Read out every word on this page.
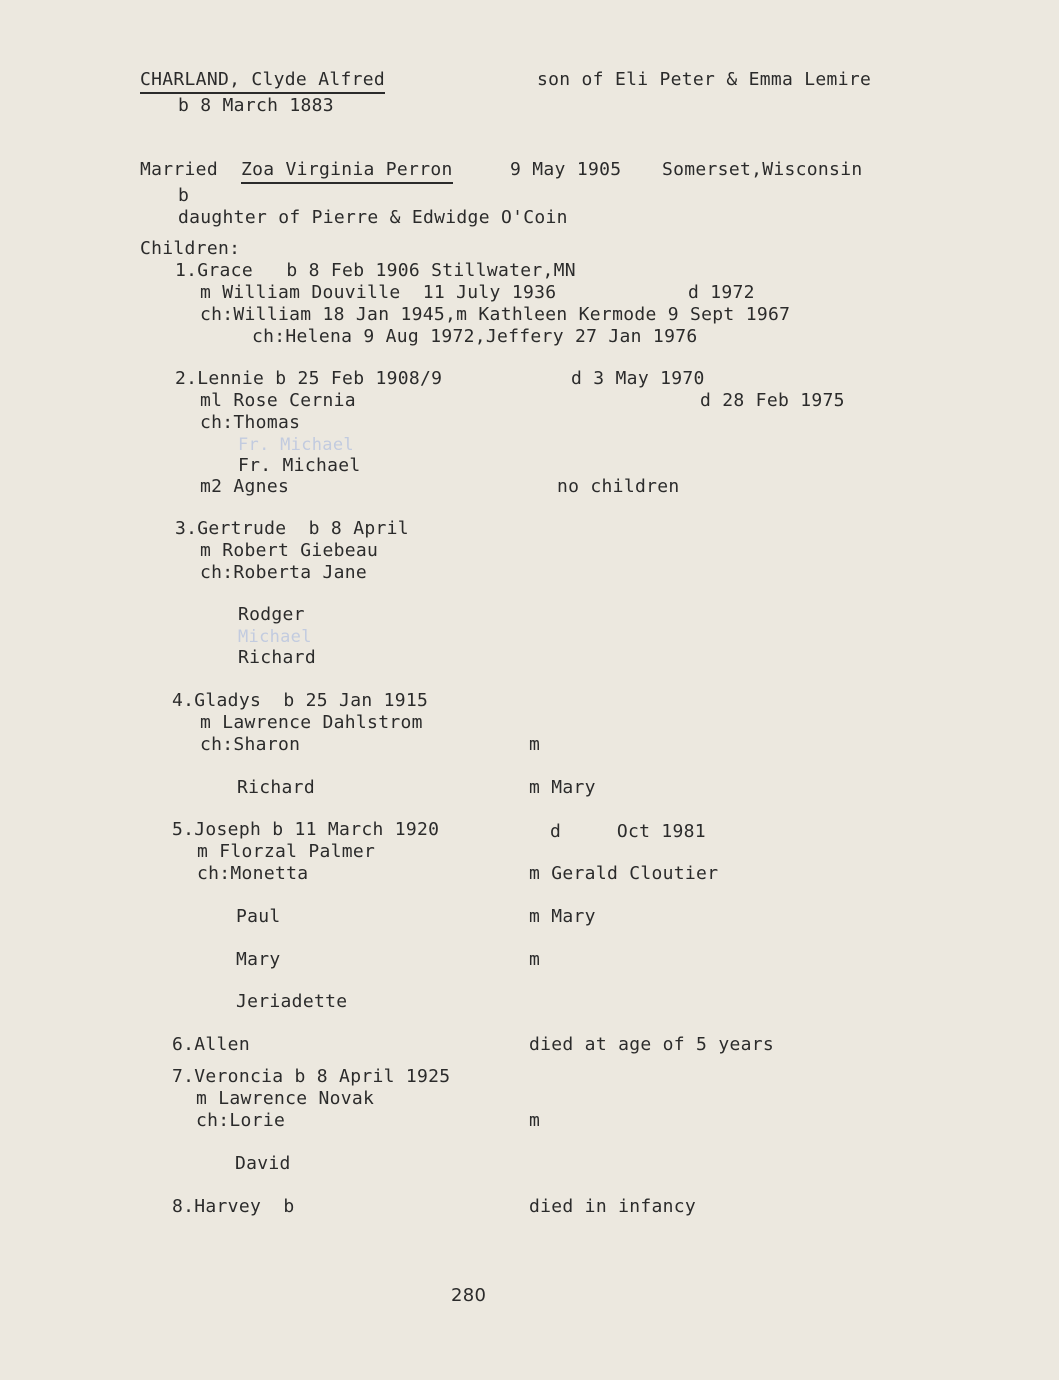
CHARLAND, Clyde Alfred	son of Eli Peter & Emma Lemire
b 8 March 1883
Married Zoa Virginia Perron	9 May 1905 Somerset,Wisconsin
b
daughter of Pierre & Edwidge O'Coin
Children:
1.Grace   b 8 Feb 1906 Stillwater,MN
m William Douville  11 July 1936	d 1972
ch:William 18 Jan 1945,m Kathleen Kermode 9 Sept 1967
ch:Helena 9 Aug 1972,Jeffery 27 Jan 1976
2.Lennie b 25 Feb 1908/9	d 3 May 1970
ml Rose Cernia	d 28 Feb 1975
ch:Thomas
Fr. Michael
Fr. Michael
m2 Agnes	no children
3.Gertrude  b 8 April
m Robert Giebeau
ch:Roberta Jane
Rodger
Michael
Richard
4.Gladys  b 25 Jan 1915
m Lawrence Dahlstrom
ch:Sharon	m
Richard	m Mary
5.Joseph b 11 March 1920	d     Oct 1981
m Florzal Palmer
ch:Monetta	m Gerald Cloutier
Paul	m Mary
Mary	m
Jeriadette
6.Allen	died at age of 5 years
7.Veroncia b 8 April 1925
m Lawrence Novak
ch:Lorie	m
David
8.Harvey  b	died in infancy
280
